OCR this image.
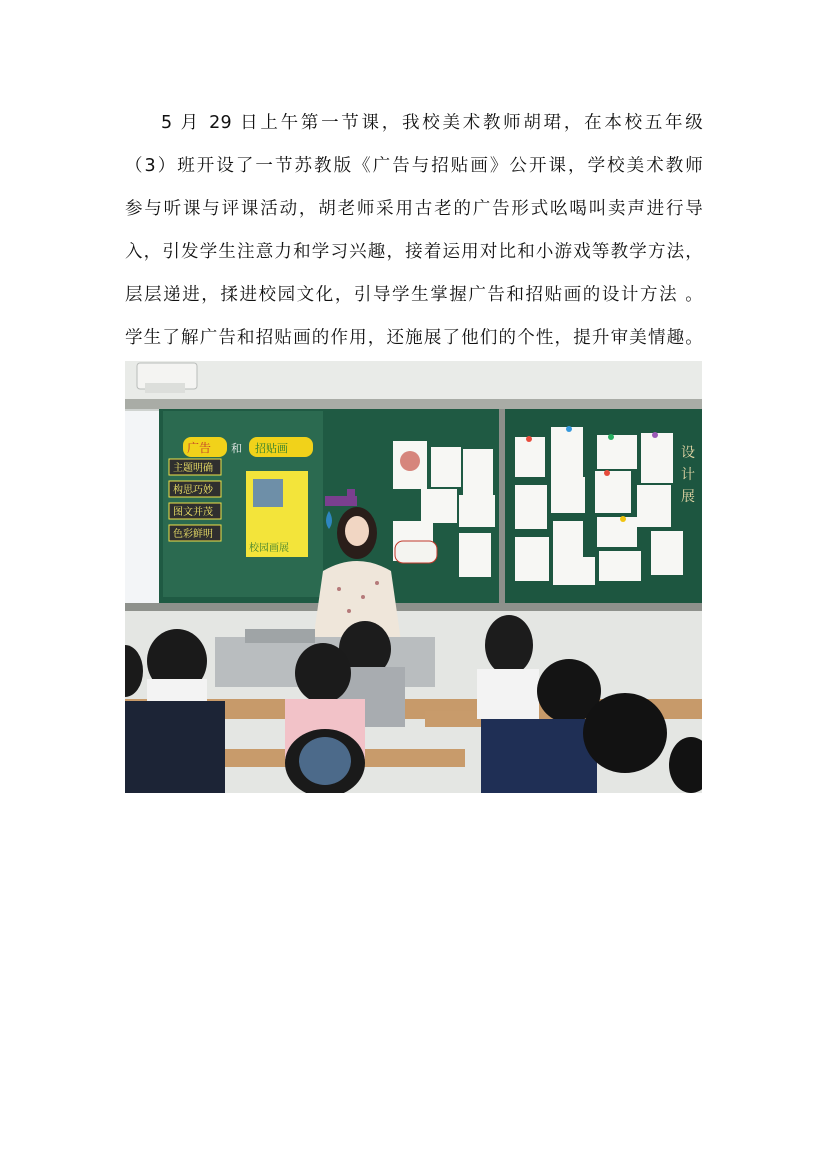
5 月 29 日上午第一节课，我校美术教师胡珺，在本校五年级
（3）班开设了一节苏教版《广告与招贴画》公开课，学校美术教师
参与听课与评课活动，胡老师采用古老的广告形式吆喝叫卖声进行导
入，引发学生注意力和学习兴趣，接着运用对比和小游戏等教学方法，
层层递进，揉进校园文化，引导学生掌握广告和招贴画的设计方法 。
学生了解广告和招贴画的作用，还施展了他们的个性，提升审美情趣。
广告 和 招贴画
主题明确
构思巧妙
图文并茂
色彩鲜明
校园画展
设
计
展
